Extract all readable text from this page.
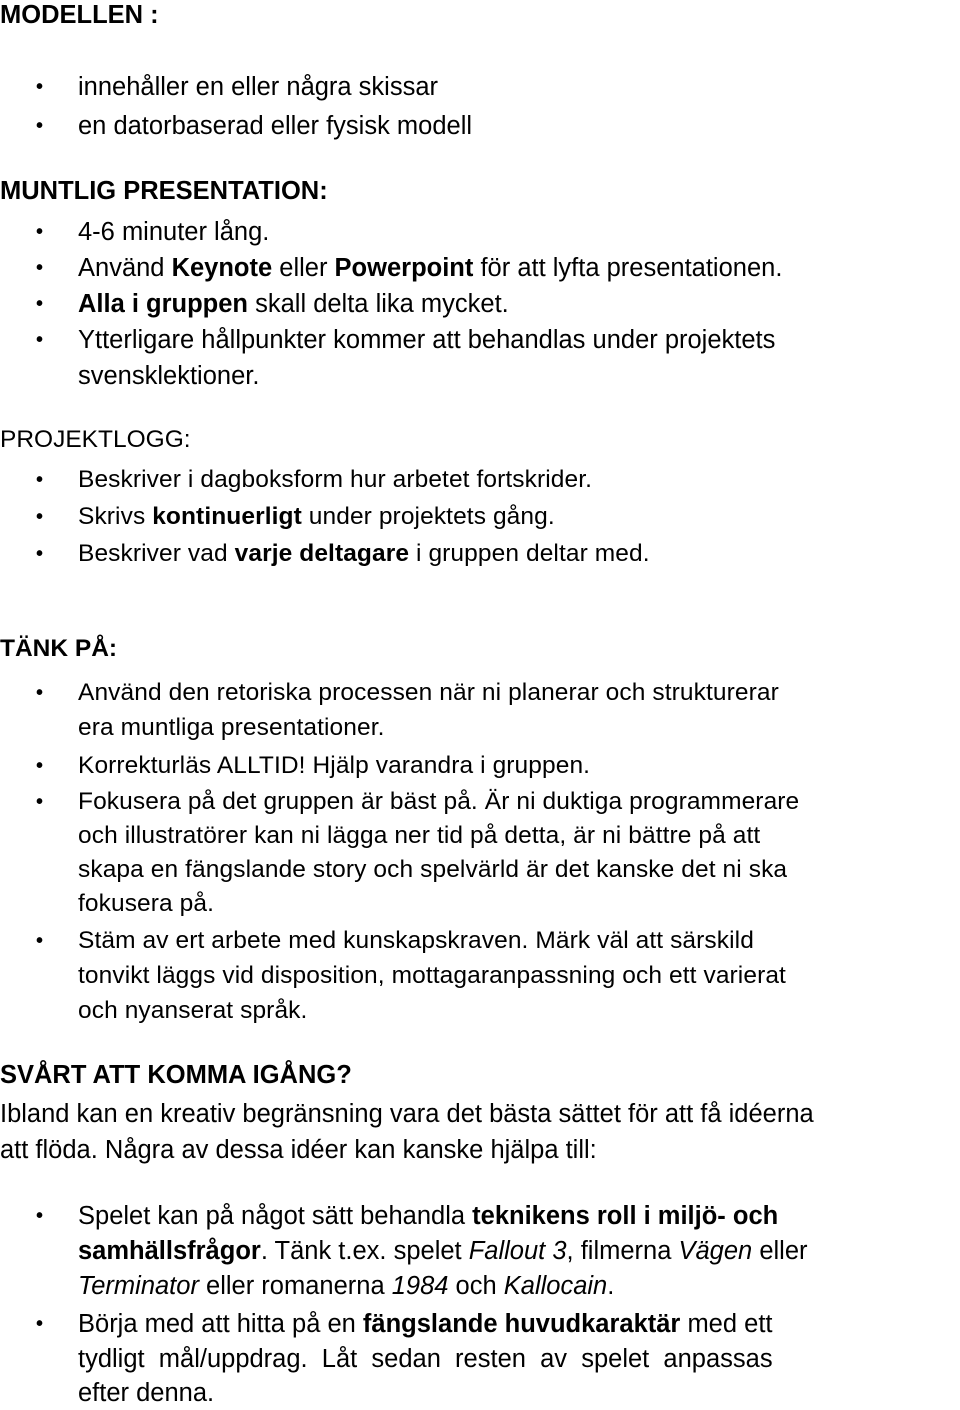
MODELLEN :
• innehåller en eller några skissar
• en datorbaserad eller fysisk modell
MUNTLIG PRESENTATION:
• 4-6 minuter lång.
• Använd Keynote eller Powerpoint för att lyfta presentationen.
• Alla i gruppen skall delta lika mycket.
• Ytterligare hållpunkter kommer att behandlas under projektets
svensklektioner.
PROJEKTLOGG:
• Beskriver i dagboksform hur arbetet fortskrider.
• Skrivs kontinuerligt under projektets gång.
• Beskriver vad varje deltagare i gruppen deltar med.
TÄNK PÅ:
• Använd den retoriska processen när ni planerar och strukturerar
era muntliga presentationer.
• Korrekturläs ALLTID! Hjälp varandra i gruppen.
• Fokusera på det gruppen är bäst på. Är ni duktiga programmerare
och illustratörer kan ni lägga ner tid på detta, är ni bättre på att
skapa en fängslande story och spelvärld är det kanske det ni ska
fokusera på.
• Stäm av ert arbete med kunskapskraven. Märk väl att särskild
tonvikt läggs vid disposition, mottagaranpassning och ett varierat
och nyanserat språk.
SVÅRT ATT KOMMA IGÅNG?
Ibland kan en kreativ begränsning vara det bästa sättet för att få idéerna
att flöda. Några av dessa idéer kan kanske hjälpa till:
• Spelet kan på något sätt behandla teknikens roll i miljö- och
samhällsfrågor. Tänk t.ex. spelet Fallout 3, filmerna Vägen eller
Terminator eller romanerna 1984 och Kallocain.
• Börja med att hitta på en fängslande huvudkaraktär med ett
tydligt  mål/uppdrag.  Låt  sedan  resten  av  spelet  anpassas
efter denna.
